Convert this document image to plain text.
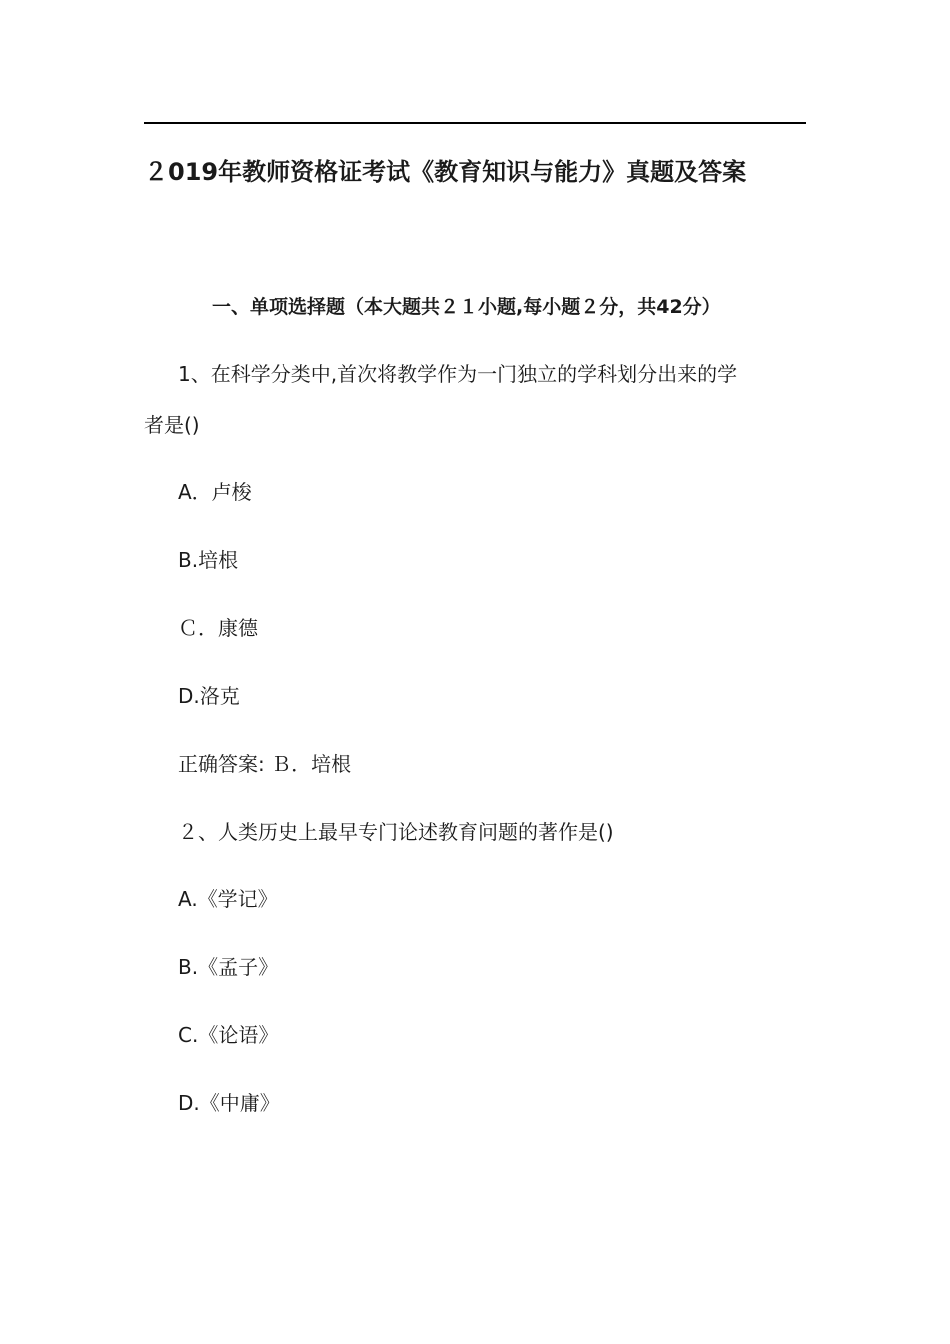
２019年教师资格证考试《教育知识与能力》真题及答案
一、单项选择题（本大题共２１小题,每小题２分，共42分）
1、在科学分类中,首次将教学作为一门独立的学科划分出来的学
者是()
A．卢梭
B.培根
Ｃ．康德
D.洛克
正确答案: Ｂ．培根
２、人类历史上最早专门论述教育问题的著作是()
A.《学记》
B.《孟子》
C.《论语》
D.《中庸》
